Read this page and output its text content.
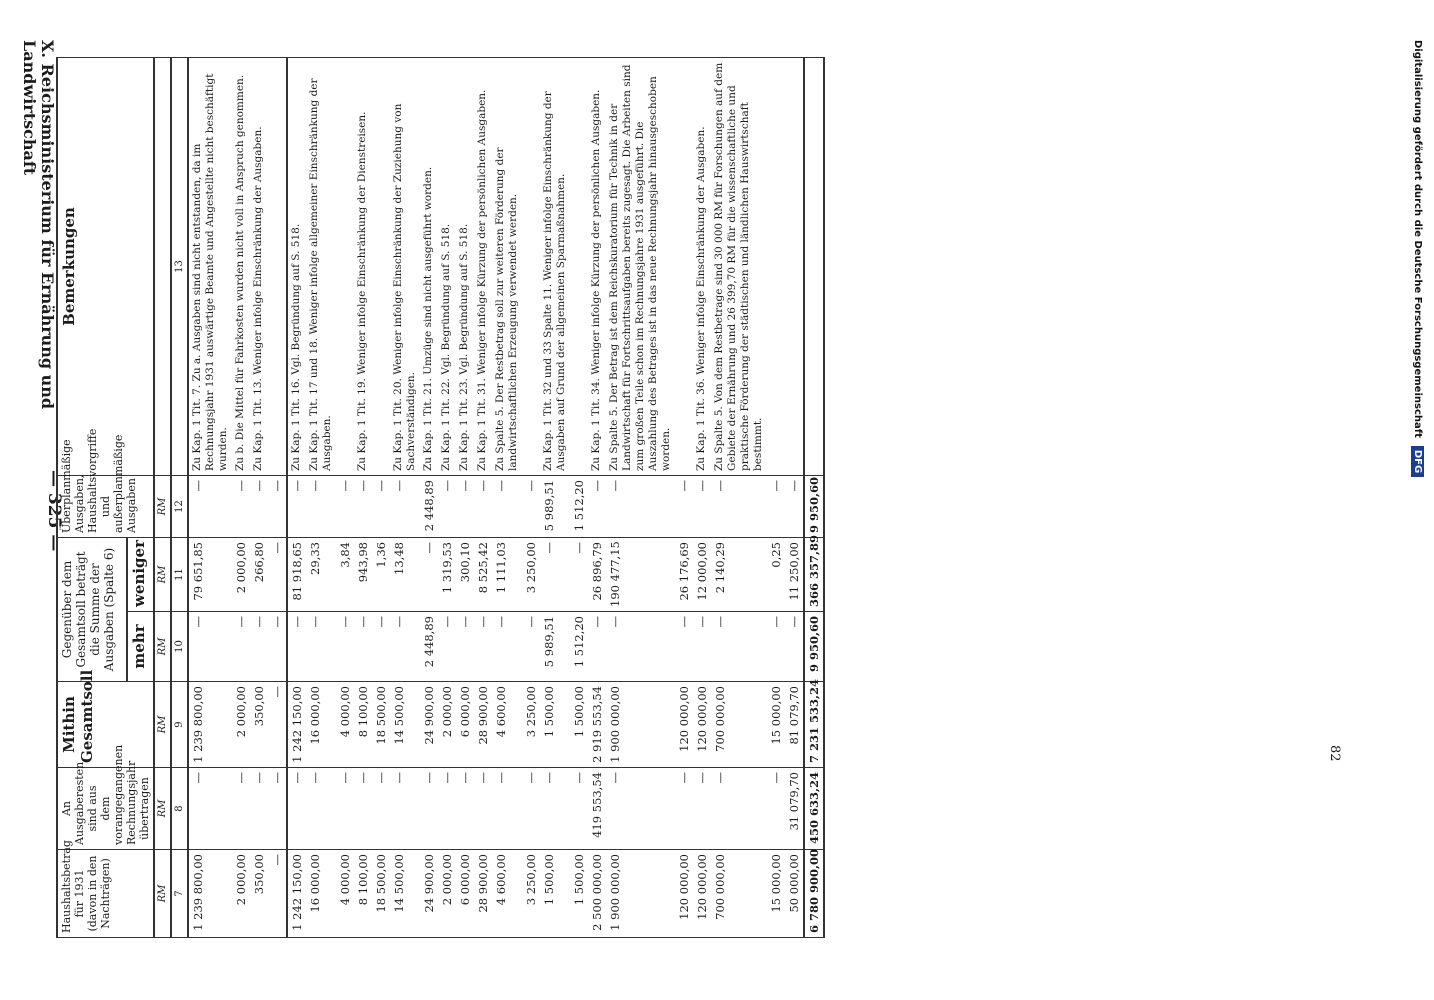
— 325 —
X. Reichsministerium für Ernährung und Landwirtschaft
82
Digitalisierung gefördert durch die Deutsche Forschungsgemeinschaft
DFG
Haushaltsbetrag für 1931 (davon in den Nachträgen)	An Ausgaberesten sind aus dem vorangegangenen Rechnungsjahr übertragen	Mithin Gesamtsoll	Gegenüber dem Gesamtsoll beträgt die Summe der Ausgaben (Spalte 6)		Überplanmäßige Ausgaben, Haushaltsvorgriffe und außerplanmäßige Ausgaben	Bemerkungen
			mehr	weniger		
RM	RM	RM	RM	RM	RM	
7	8	9	10	11	12	13
1 239 800,00	—	1 239 800,00	—	79 651,85	—	Zu Kap. 1 Tit. 7. Zu a. Ausgaben sind nicht entstanden, da im Rechnungsjahr 1931 auswärtige Beamte und Angestellte nicht beschäftigt wurden.
2 000,00	—	2 000,00	—	2 000,00	—	Zu b. Die Mittel für Fahrkosten wurden nicht voll in Anspruch genommen.
350,00	—	350,00	—	266,80	—	Zu Kap. 1 Tit. 13. Weniger infolge Einschränkung der Ausgaben.
—	—	—	—	—	—	
1 242 150,00	—	1 242 150,00	—	81 918,65	—	Zu Kap. 1 Tit. 16. Vgl. Begründung auf S. 518.
16 000,00	—	16 000,00	—	29,33	—	Zu Kap. 1 Tit. 17 und 18. Weniger infolge allgemeiner Einschränkung der Ausgaben.
4 000,00	—	4 000,00	—	3,84	—	
8 100,00	—	8 100,00	—	943,98	—	Zu Kap. 1 Tit. 19. Weniger infolge Einschränkung der Dienstreisen.
18 500,00	—	18 500,00	—	1,36	—	
14 500,00	—	14 500,00	—	13,48	—	Zu Kap. 1 Tit. 20. Weniger infolge Einschränkung der Zuziehung von Sachverständigen.
24 900,00	—	24 900,00	2 448,89	—	2 448,89	Zu Kap. 1 Tit. 21. Umzüge sind nicht ausgeführt worden.
2 000,00	—	2 000,00	—	1 319,53	—	Zu Kap. 1 Tit. 22. Vgl. Begründung auf S. 518.
6 000,00	—	6 000,00	—	300,10	—	Zu Kap. 1 Tit. 23. Vgl. Begründung auf S. 518.
28 900,00	—	28 900,00	—	8 525,42	—	Zu Kap. 1 Tit. 31. Weniger infolge Kürzung der persönlichen Ausgaben.
4 600,00	—	4 600,00	—	1 111,03	—	Zu Spalte 5. Der Restbetrag soll zur weiteren Förderung der landwirtschaftlichen Erzeugung verwendet werden.
3 250,00	—	3 250,00	—	3 250,00	—	
1 500,00	—	1 500,00	5 989,51	—	5 989,51	Zu Kap. 1 Tit. 32 und 33 Spalte 11. Weniger infolge Einschränkung der Ausgaben auf Grund der allgemeinen Sparmaßnahmen.
1 500,00	—	1 500,00	1 512,20	—	1 512,20	
2 500 000,00	419 553,54	2 919 553,54	—	26 896,79	—	Zu Kap. 1 Tit. 34. Weniger infolge Kürzung der persönlichen Ausgaben.
1 900 000,00	—	1 900 000,00	—	190 477,15	—	Zu Spalte 5. Der Betrag ist dem Reichskuratorium für Technik in der Landwirtschaft für Fortschrittsaufgaben bereits zugesagt. Die Arbeiten sind zum großen Teile schon im Rechnungsjahre 1931 ausgeführt. Die Auszahlung des Betrages ist in das neue Rechnungsjahr hinausgeschoben worden.
120 000,00	—	120 000,00	—	26 176,69	—	
120 000,00	—	120 000,00	—	12 000,00	—	Zu Kap. 1 Tit. 36. Weniger infolge Einschränkung der Ausgaben.
700 000,00	—	700 000,00	—	2 140,29	—	Zu Spalte 5. Von dem Restbetrage sind 30 000 RM für Forschungen auf dem Gebiete der Ernährung und 26 399,70 RM für die wissenschaftliche und praktische Förderung der städtischen und ländlichen Hauswirtschaft bestimmt.
15 000,00	—	15 000,00	—	0,25	—	
50 000,00	31 079,70	81 079,70	—	11 250,00	—	
6 780 900,00	450 633,24	7 231 533,24	9 950,60	366 357,89	9 950,60	
